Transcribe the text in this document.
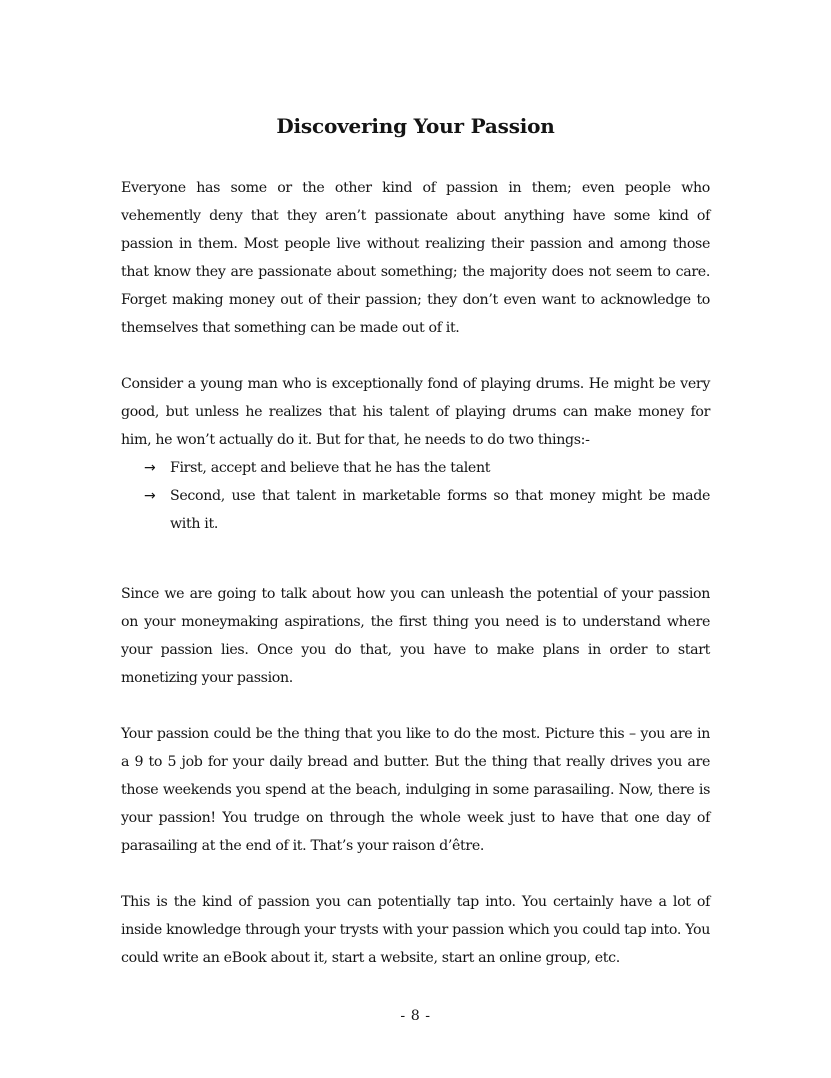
Discovering Your Passion

Everyone has some or the other kind of passion in them; even people who vehemently deny that they aren’t passionate about anything have some kind of passion in them. Most people live without realizing their passion and among those that know they are passionate about something; the majority does not seem to care. Forget making money out of their passion; they don’t even want to acknowledge to themselves that something can be made out of it.

Consider a young man who is exceptionally fond of playing drums. He might be very good, but unless he realizes that his talent of playing drums can make money for him, he won’t actually do it. But for that, he needs to do two things:-

→ First, accept and believe that he has the talent
→ Second, use that talent in marketable forms so that money might be made with it.

Since we are going to talk about how you can unleash the potential of your passion on your moneymaking aspirations, the first thing you need is to understand where your passion lies. Once you do that, you have to make plans in order to start monetizing your passion.

Your passion could be the thing that you like to do the most. Picture this – you are in a 9 to 5 job for your daily bread and butter. But the thing that really drives you are those weekends you spend at the beach, indulging in some parasailing. Now, there is your passion! You trudge on through the whole week just to have that one day of parasailing at the end of it. That’s your raison d’être.

This is the kind of passion you can potentially tap into. You certainly have a lot of inside knowledge through your trysts with your passion which you could tap into. You could write an eBook about it, start a website, start an online group, etc.

- 8 -
